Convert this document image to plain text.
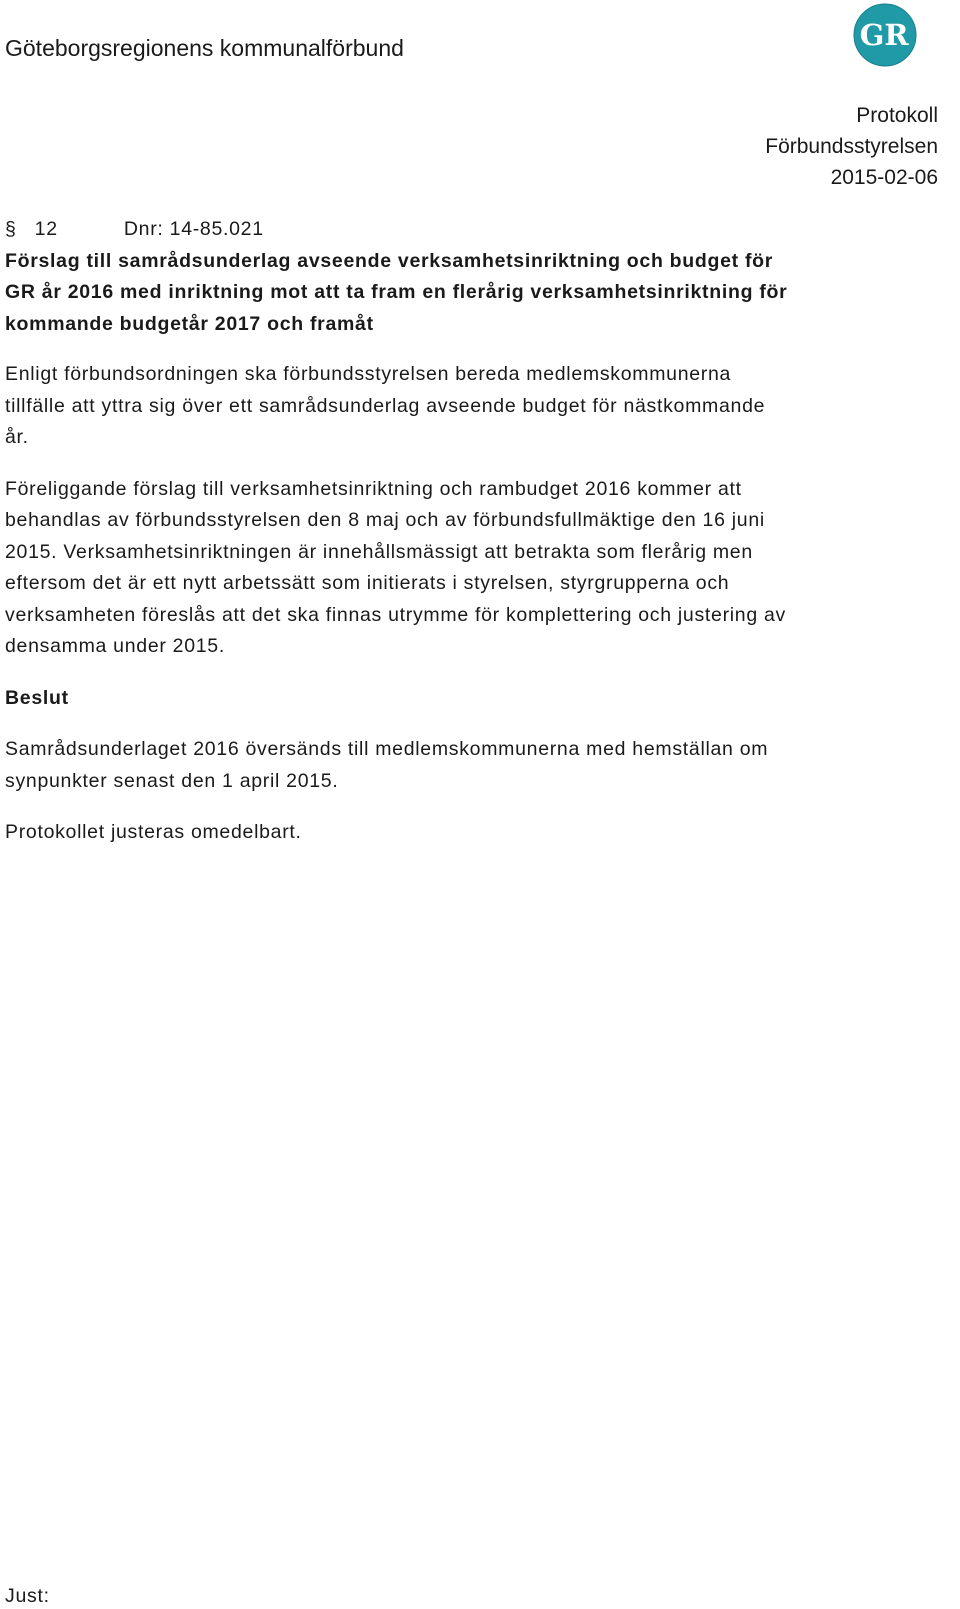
Göteborgsregionens kommunalförbund	GR
Protokoll
Förbundsstyrelsen
2015-02-06
§ 12	Dnr: 14-85.021

Förslag till samrådsunderlag avseende verksamhetsinriktning och budget för GR år 2016 med inriktning mot att ta fram en flerårig verksamhetsinriktning för kommande budgetår 2017 och framåt

Enligt förbundsordningen ska förbundsstyrelsen bereda medlemskommunerna tillfälle att yttra sig över ett samrådsunderlag avseende budget för nästkommande år.

Föreliggande förslag till verksamhetsinriktning och rambudget 2016 kommer att behandlas av förbundsstyrelsen den 8 maj och av förbundsfullmäktige den 16 juni 2015. Verksamhetsinriktningen är innehållsmässigt att betrakta som flerårig men eftersom det är ett nytt arbetssätt som initierats i styrelsen, styrgrupperna och verksamheten föreslås att det ska finnas utrymme för komplettering och justering av densamma under 2015.

Beslut

Samrådsunderlaget 2016 översänds till medlemskommunerna med hemställan om synpunkter senast den 1 april 2015.

Protokollet justeras omedelbart.

Just:
